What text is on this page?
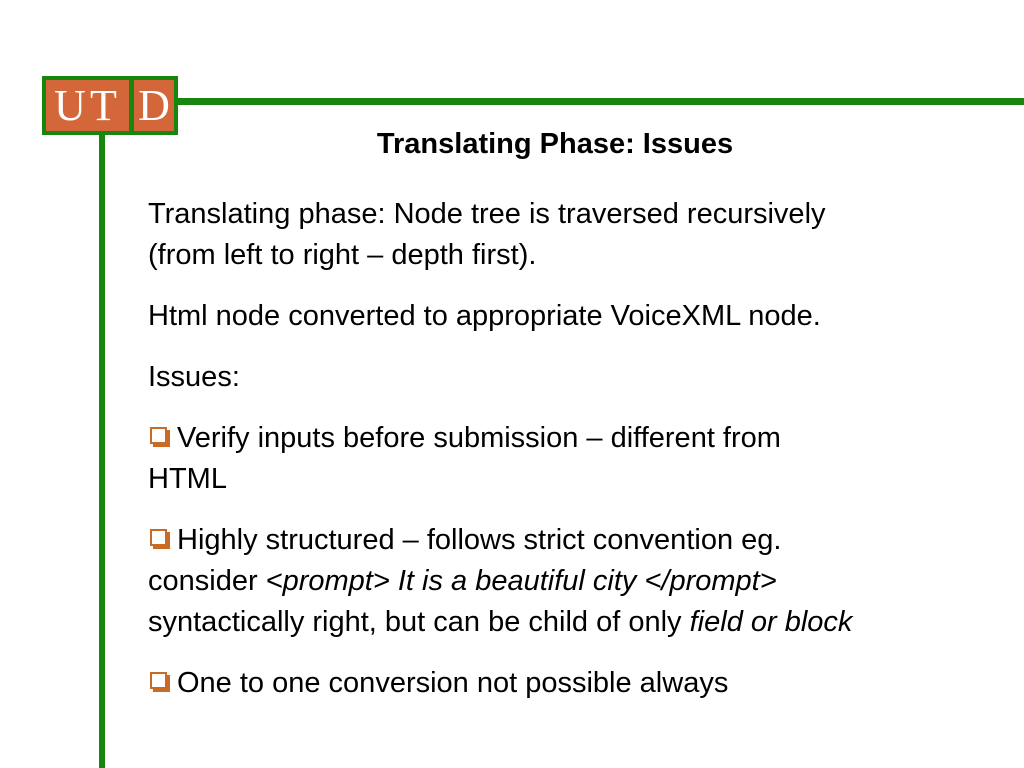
UT D
Translating Phase: Issues
Translating phase: Node tree is traversed recursively
(from left to right – depth first).
Html node converted to appropriate VoiceXML node.
Issues:
Verify inputs before submission – different from
HTML
Highly structured – follows strict convention eg.
consider <prompt> It is a beautiful city </prompt>
syntactically right, but can be child of only field or block
One to one conversion not possible always
